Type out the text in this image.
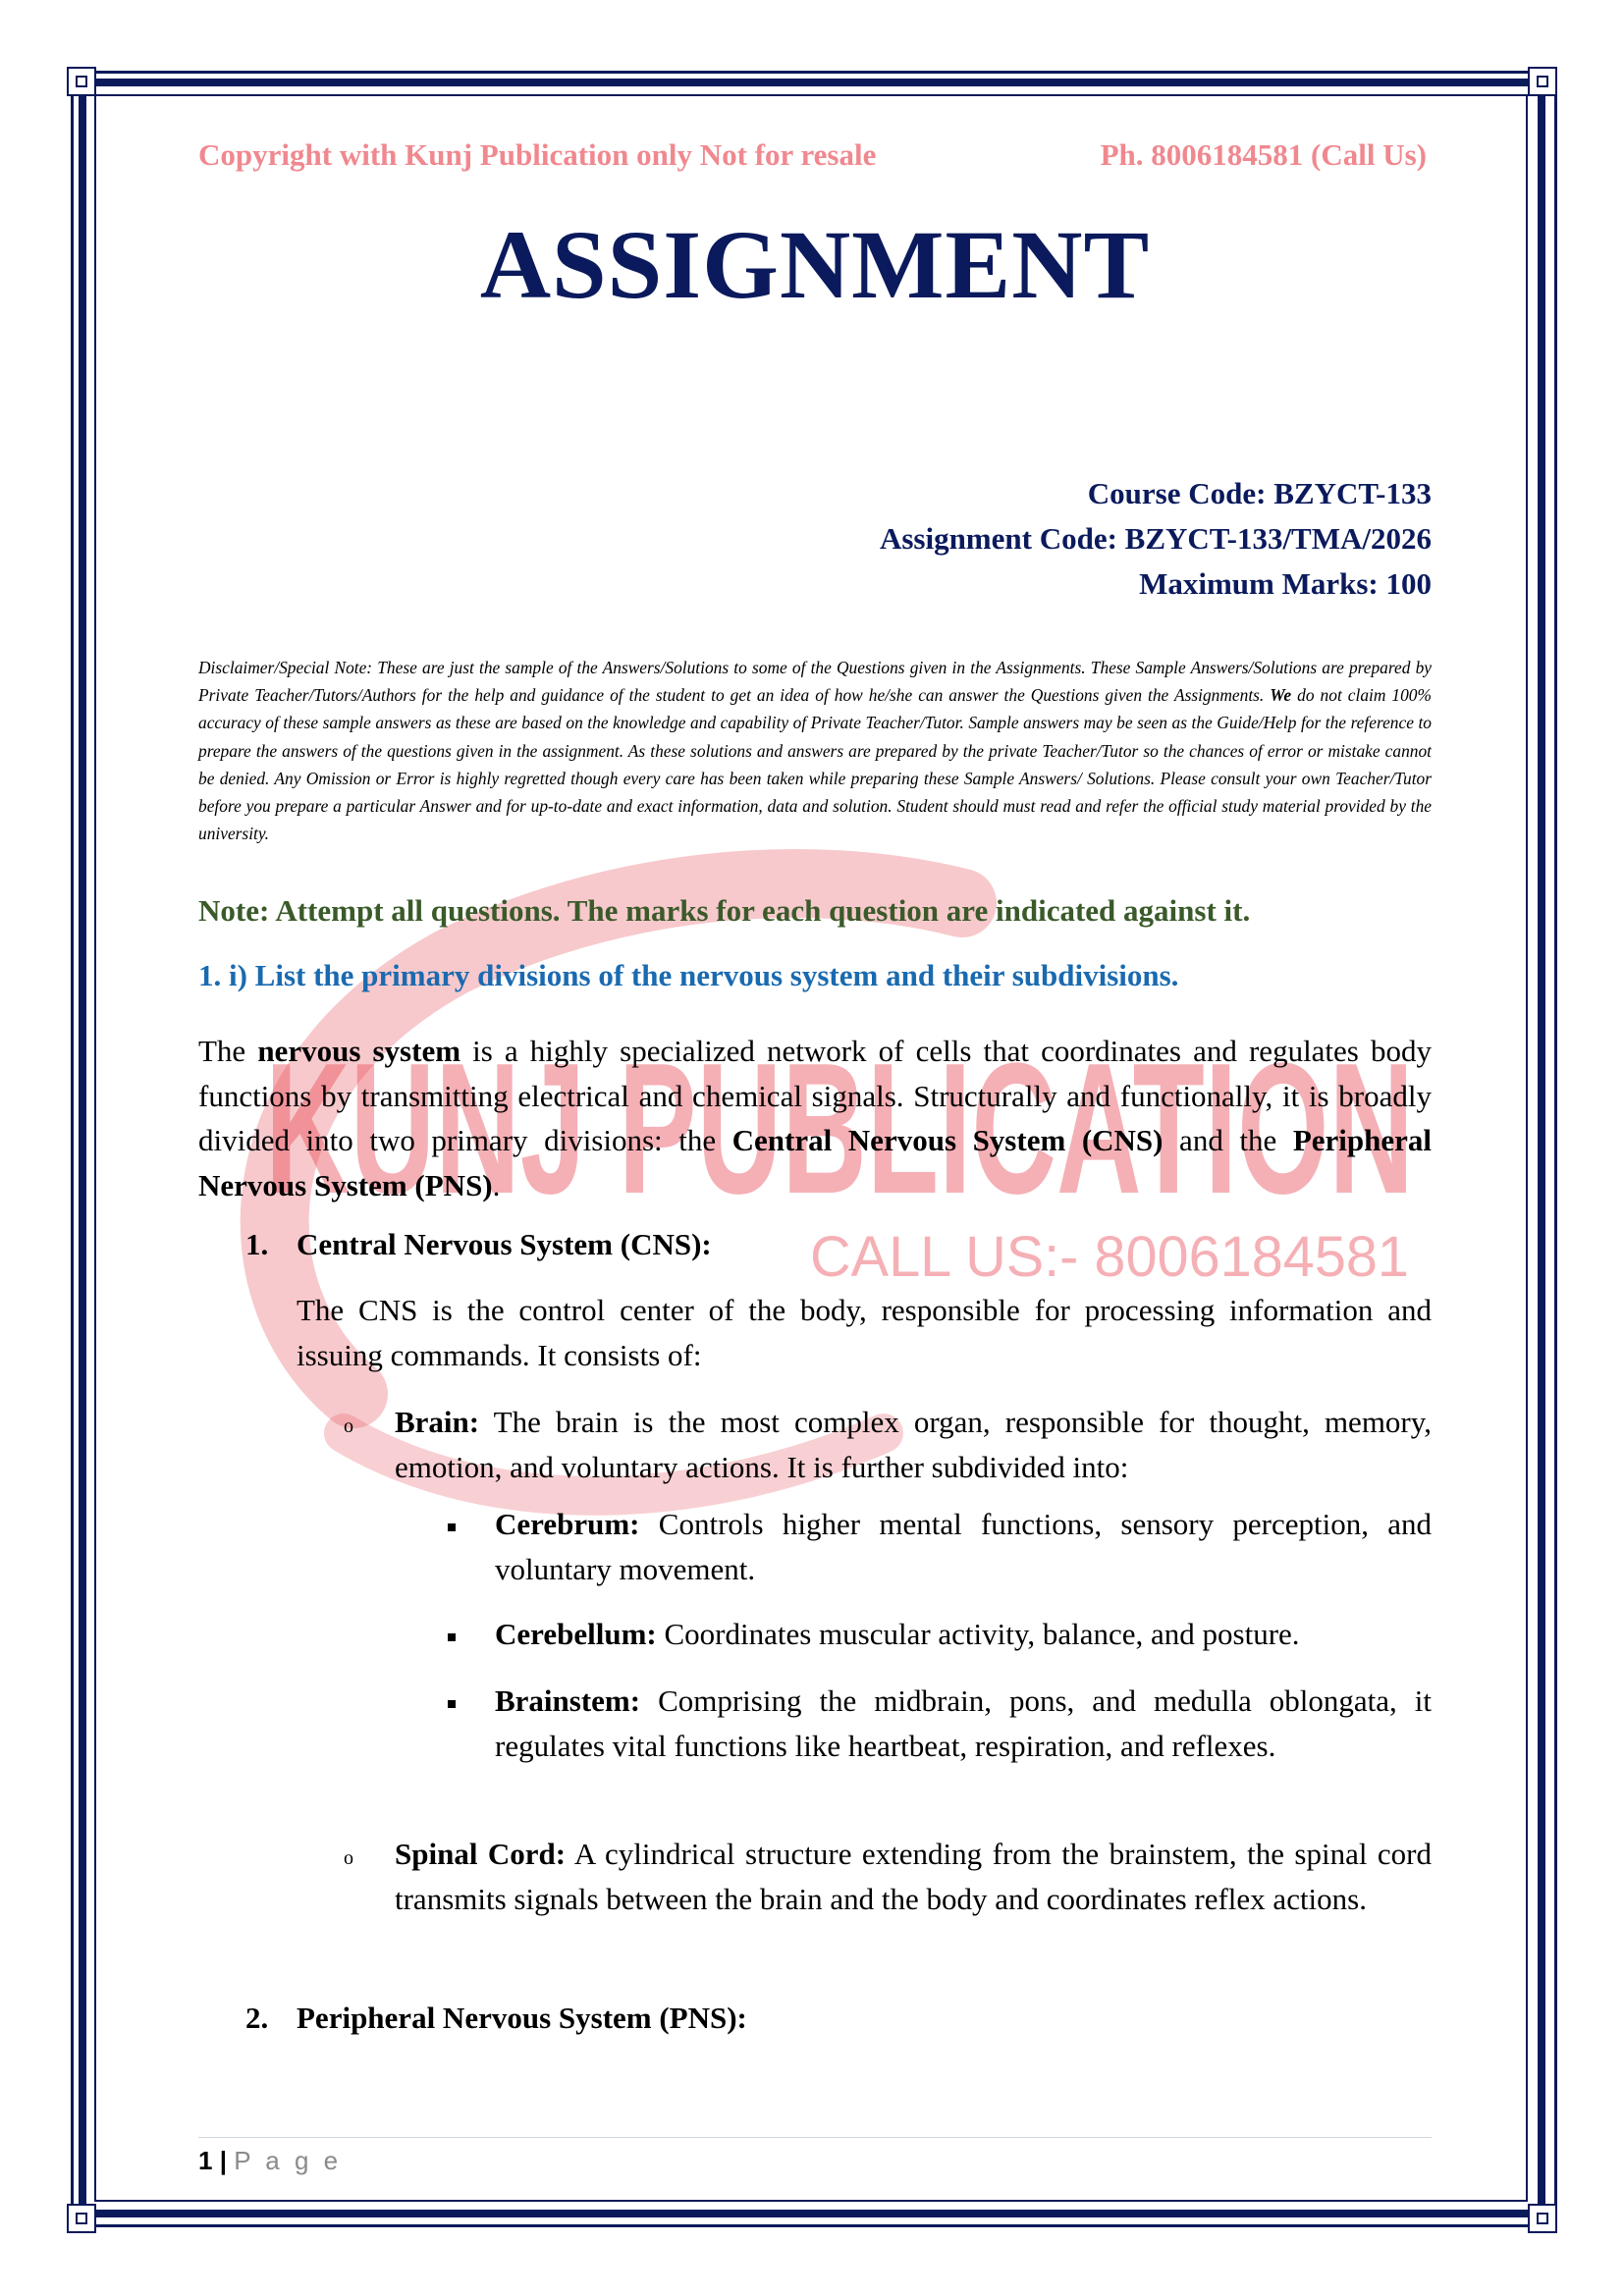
KUNJ PUBLICATION
CALL US:- 8006184581
Copyright with Kunj Publication only Not for resale	Ph. 8006184581 (Call Us)
ASSIGNMENT
Course Code: BZYCT-133
Assignment Code: BZYCT-133/TMA/2026
Maximum Marks: 100
Disclaimer/Special Note: These are just the sample of the Answers/Solutions to some of the Questions given in the Assignments. These Sample Answers/Solutions are prepared by Private Teacher/Tutors/Authors for the help and guidance of the student to get an idea of how he/she can answer the Questions given the Assignments. We do not claim 100% accuracy of these sample answers as these are based on the knowledge and capability of Private Teacher/Tutor. Sample answers may be seen as the Guide/Help for the reference to prepare the answers of the questions given in the assignment. As these solutions and answers are prepared by the private Teacher/Tutor so the chances of error or mistake cannot be denied. Any Omission or Error is highly regretted though every care has been taken while preparing these Sample Answers/ Solutions. Please consult your own Teacher/Tutor before you prepare a particular Answer and for up-to-date and exact information, data and solution. Student should must read and refer the official study material provided by the university.
Note: Attempt all questions. The marks for each question are indicated against it.
1. i) List the primary divisions of the nervous system and their subdivisions.
The nervous system is a highly specialized network of cells that coordinates and regulates body functions by transmitting electrical and chemical signals. Structurally and functionally, it is broadly divided into two primary divisions: the Central Nervous System (CNS) and the Peripheral Nervous System (PNS).
1. Central Nervous System (CNS):
The CNS is the control center of the body, responsible for processing information and issuing commands. It consists of:
o Brain: The brain is the most complex organ, responsible for thought, memory, emotion, and voluntary actions. It is further subdivided into:
Cerebrum: Controls higher mental functions, sensory perception, and voluntary movement.
Cerebellum: Coordinates muscular activity, balance, and posture.
Brainstem: Comprising the midbrain, pons, and medulla oblongata, it regulates vital functions like heartbeat, respiration, and reflexes.
o Spinal Cord: A cylindrical structure extending from the brainstem, the spinal cord transmits signals between the brain and the body and coordinates reflex actions.
2. Peripheral Nervous System (PNS):
1 | P a g e
